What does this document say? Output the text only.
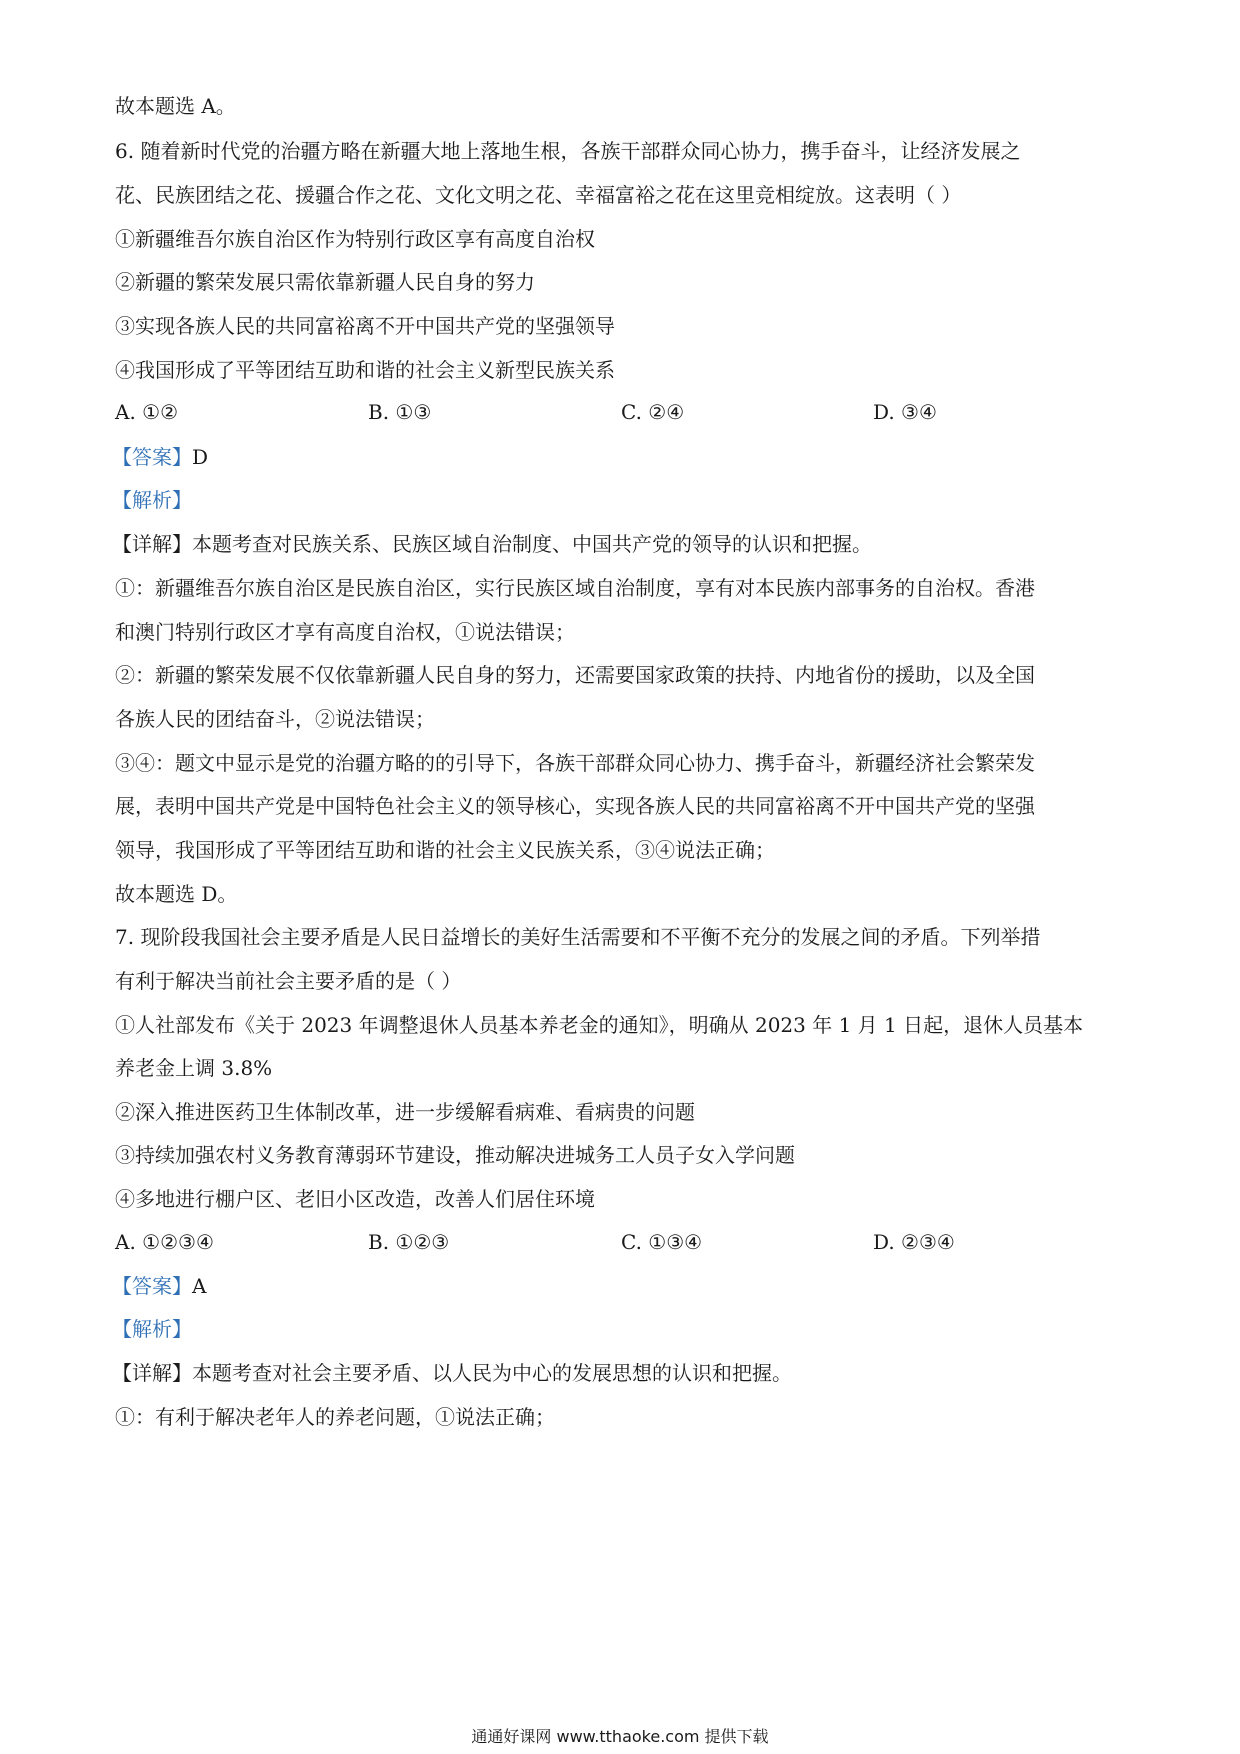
故本题选 A。
6. 随着新时代党的治疆方略在新疆大地上落地生根，各族干部群众同心协力，携手奋斗，让经济发展之
花、民族团结之花、援疆合作之花、文化文明之花、幸福富裕之花在这里竞相绽放。这表明（ ）
①新疆维吾尔族自治区作为特别行政区享有高度自治权
②新疆的繁荣发展只需依靠新疆人民自身的努力
③实现各族人民的共同富裕离不开中国共产党的坚强领导
④我国形成了平等团结互助和谐的社会主义新型民族关系
A. ①②	B. ①③	C. ②④	D. ③④
【答案】D
【解析】
【详解】本题考查对民族关系、民族区域自治制度、中国共产党的领导的认识和把握。
①：新疆维吾尔族自治区是民族自治区，实行民族区域自治制度，享有对本民族内部事务的自治权。香港
和澳门特别行政区才享有高度自治权，①说法错误；
②：新疆的繁荣发展不仅依靠新疆人民自身的努力，还需要国家政策的扶持、内地省份的援助，以及全国
各族人民的团结奋斗，②说法错误；
③④：题文中显示是党的治疆方略的的引导下，各族干部群众同心协力、携手奋斗，新疆经济社会繁荣发
展，表明中国共产党是中国特色社会主义的领导核心，实现各族人民的共同富裕离不开中国共产党的坚强
领导，我国形成了平等团结互助和谐的社会主义民族关系，③④说法正确；
故本题选 D。
7. 现阶段我国社会主要矛盾是人民日益增长的美好生活需要和不平衡不充分的发展之间的矛盾。下列举措
有利于解决当前社会主要矛盾的是（ ）
①人社部发布《关于 2023 年调整退休人员基本养老金的通知》，明确从 2023 年 1 月 1 日起，退休人员基本
养老金上调 3.8%
②深入推进医药卫生体制改革，进一步缓解看病难、看病贵的问题
③持续加强农村义务教育薄弱环节建设，推动解决进城务工人员子女入学问题
④多地进行棚户区、老旧小区改造，改善人们居住环境
A. ①②③④	B. ①②③	C. ①③④	D. ②③④
【答案】A
【解析】
【详解】本题考查对社会主要矛盾、以人民为中心的发展思想的认识和把握。
①：有利于解决老年人的养老问题，①说法正确；
通通好课网 www.tthaoke.com 提供下载
